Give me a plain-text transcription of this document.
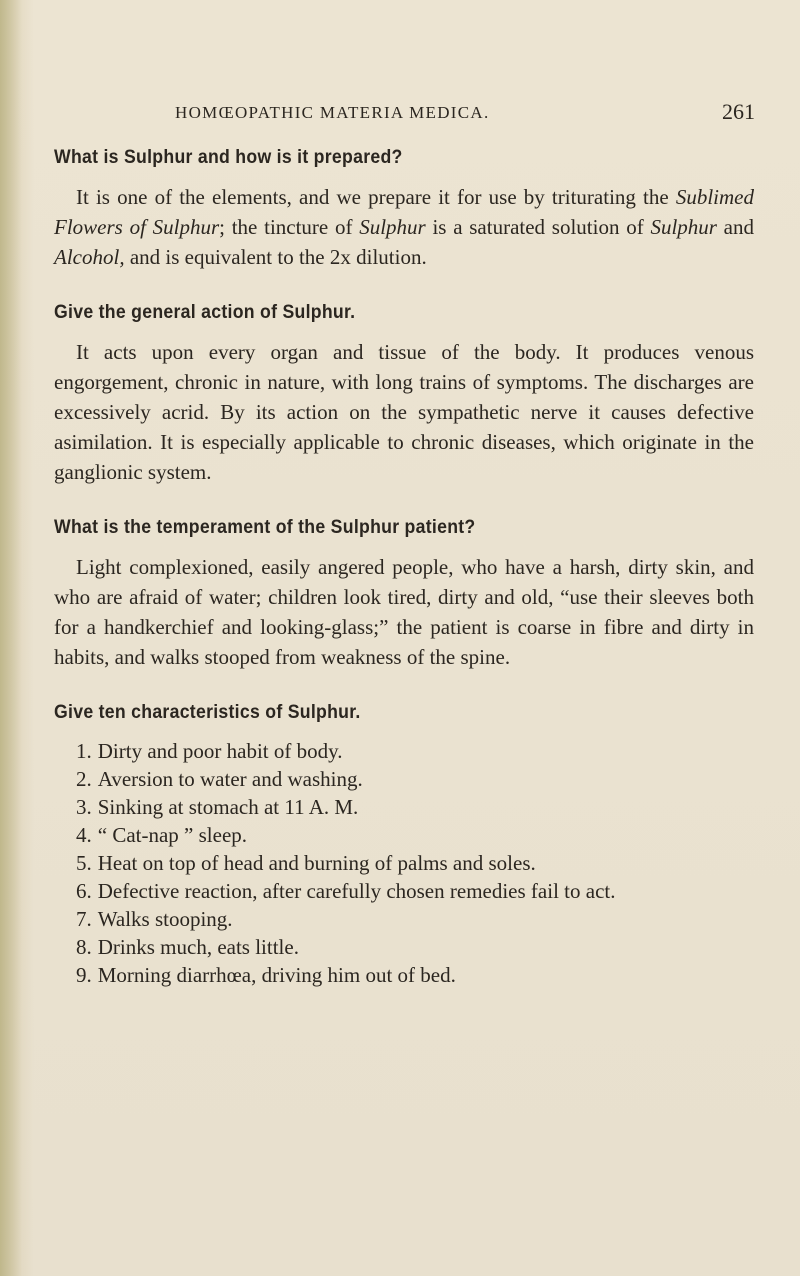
HOMŒOPATHIC MATERIA MEDICA.	261

What is Sulphur and how is it prepared?

It is one of the elements, and we prepare it for use by triturating the Sublimed Flowers of Sulphur; the tincture of Sulphur is a saturated solution of Sulphur and Alcohol, and is equivalent to the 2x dilution.

Give the general action of Sulphur.

It acts upon every organ and tissue of the body. It produces venous engorgement, chronic in nature, with long trains of symptoms. The discharges are excessively acrid. By its action on the sympathetic nerve it causes defective asimilation. It is especially applicable to chronic diseases, which originate in the ganglionic system.

What is the temperament of the Sulphur patient?

Light complexioned, easily angered people, who have a harsh, dirty skin, and who are afraid of water; children look tired, dirty and old, “use their sleeves both for a handkerchief and looking-glass;” the patient is coarse in fibre and dirty in habits, and walks stooped from weakness of the spine.

Give ten characteristics of Sulphur.

1. Dirty and poor habit of body.
2. Aversion to water and washing.
3. Sinking at stomach at 11 A. M.
4. “ Cat-nap ” sleep.
5. Heat on top of head and burning of palms and soles.
6. Defective reaction, after carefully chosen remedies fail to act.
7. Walks stooping.
8. Drinks much, eats little.
9. Morning diarrhœa, driving him out of bed.
